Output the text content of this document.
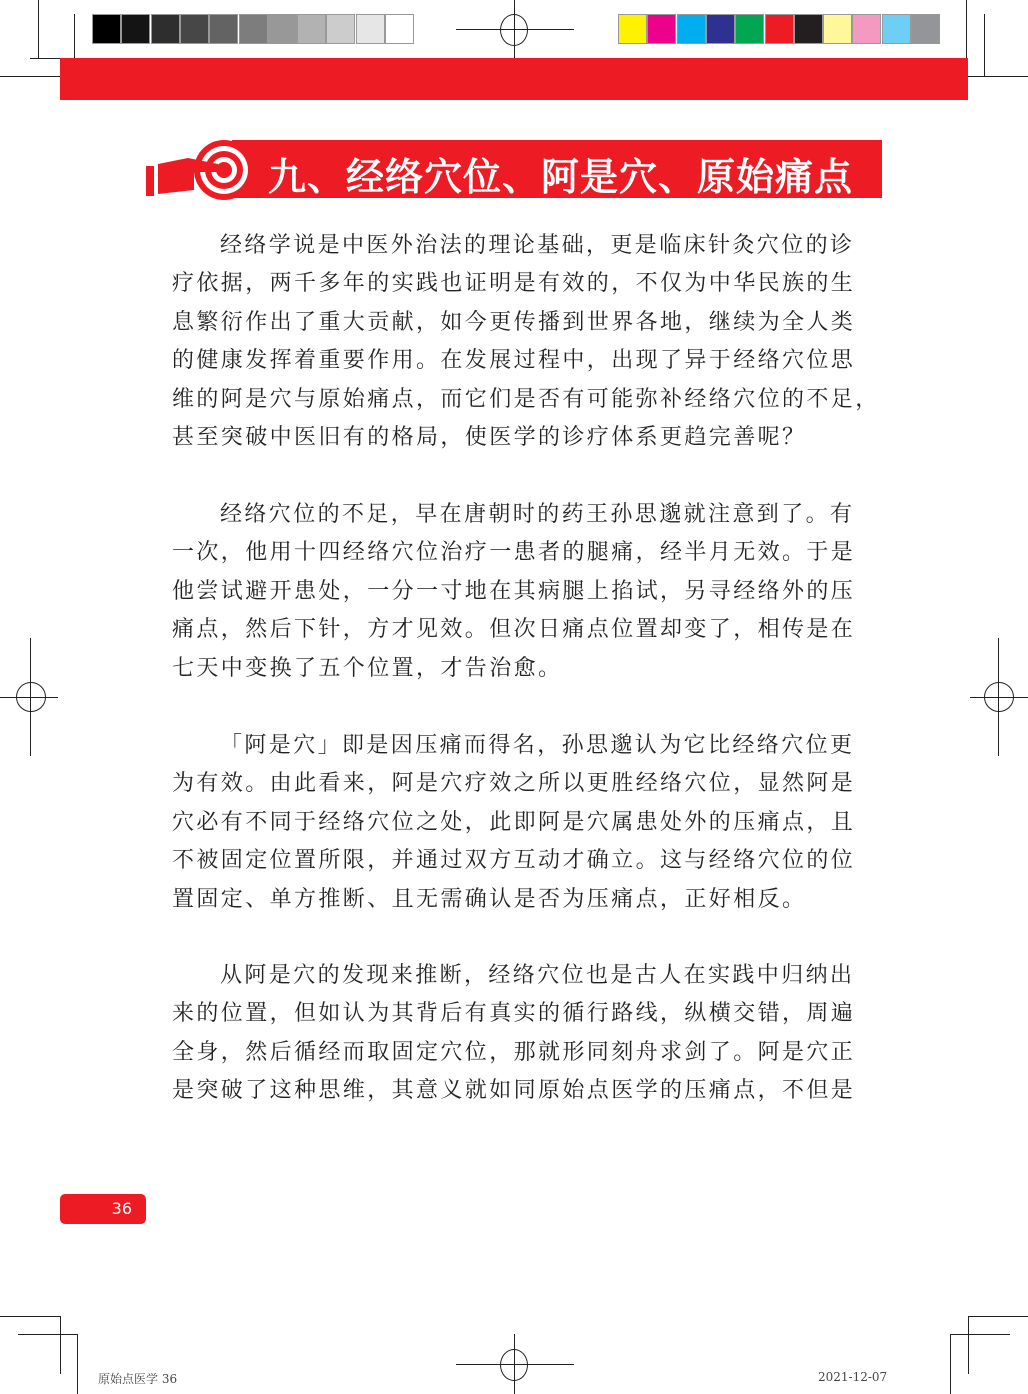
九、经络穴位、阿是穴、原始痛点
经络学说是中医外治法的理论基础，更是临床针灸穴位的诊
疗依据，两千多年的实践也证明是有效的，不仅为中华民族的生
息繁衍作出了重大贡献，如今更传播到世界各地，继续为全人类
的健康发挥着重要作用。在发展过程中，出现了异于经络穴位思
维的阿是穴与原始痛点，而它们是否有可能弥补经络穴位的不足，
甚至突破中医旧有的格局，使医学的诊疗体系更趋完善呢？
经络穴位的不足，早在唐朝时的药王孙思邈就注意到了。有
一次，他用十四经络穴位治疗一患者的腿痛，经半月无效。于是
他尝试避开患处，一分一寸地在其病腿上掐试，另寻经络外的压
痛点，然后下针，方才见效。但次日痛点位置却变了，相传是在
七天中变换了五个位置，才告治愈。
「阿是穴」即是因压痛而得名，孙思邈认为它比经络穴位更
为有效。由此看来，阿是穴疗效之所以更胜经络穴位，显然阿是
穴必有不同于经络穴位之处，此即阿是穴属患处外的压痛点，且
不被固定位置所限，并通过双方互动才确立。这与经络穴位的位
置固定、单方推断、且无需确认是否为压痛点，正好相反。
从阿是穴的发现来推断，经络穴位也是古人在实践中归纳出
来的位置，但如认为其背后有真实的循行路线，纵横交错，周遍
全身，然后循经而取固定穴位，那就形同刻舟求剑了。阿是穴正
是突破了这种思维，其意义就如同原始点医学的压痛点，不但是
36
原始点医学 36	2021-12-07
